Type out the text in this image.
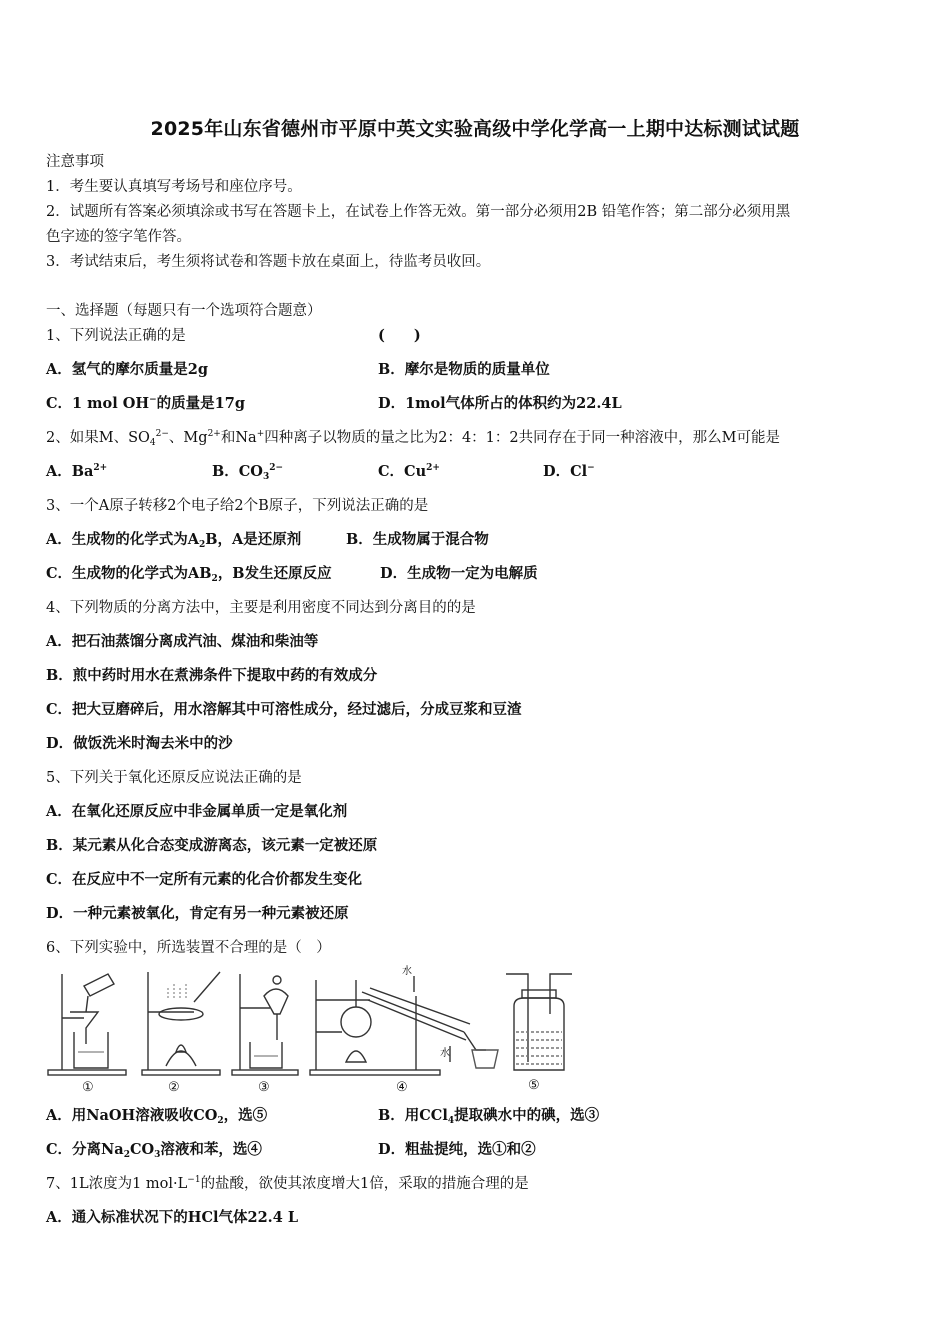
2025年山东省德州市平原中英文实验高级中学化学高一上期中达标测试试题
注意事项
1．考生要认真填写考场号和座位序号。
2．试题所有答案必须填涂或书写在答题卡上，在试卷上作答无效。第一部分必须用2B 铅笔作答；第二部分必须用黑
色字迹的签字笔作答。
3．考试结束后，考生须将试卷和答题卡放在桌面上，待监考员收回。
一、选择题（每题只有一个选项符合题意）
1、下列说法正确的是	(　　)
A．氢气的摩尔质量是2g	B．摩尔是物质的质量单位
C．1 mol OH−的质量是17g	D．1mol气体所占的体积约为22.4L
2、如果M、$SO_4^{2-}$、$Mg^{2+}$和Na+四种离子以物质的量之比为2：4：1：2共同存在于同一种溶液中，那么M可能是
A．$Ba^{2+}$	B．$CO_3^{2-}$	C．$Cu^{2+}$	D．Cl−
3、一个A原子转移2个电子给2个B原子，下列说法正确的是
A．生成物的化学式为$A_2B$，A是还原剂	B．生成物属于混合物
C．生成物的化学式为$AB_2$，B发生还原反应	D．生成物一定为电解质
4、下列物质的分离方法中，主要是利用密度不同达到分离目的的是
A．把石油蒸馏分离成汽油、煤油和柴油等
B．煎中药时用水在煮沸条件下提取中药的有效成分
C．把大豆磨碎后，用水溶解其中可溶性成分，经过滤后，分成豆浆和豆渣
D．做饭洗米时淘去米中的沙
5、下列关于氧化还原反应说法正确的是
A．在氧化还原反应中非金属单质一定是氧化剂
B．某元素从化合态变成游离态，该元素一定被还原
C．在反应中不一定所有元素的化合价都发生变化
D．一种元素被氧化，肯定有另一种元素被还原
6、下列实验中，所选装置不合理的是（　）
①	②	③	④	⑤
水
水
A．用NaOH溶液吸收$CO_2$，选⑤	B．用CCl$_4$提取碘水中的碘，选③
C．分离$Na_2CO_3$溶液和苯，选④	D．粗盐提纯，选①和②
7、1L浓度为1 $mol\cdot L^{-1}$的盐酸，欲使其浓度增大1倍，采取的措施合理的是
A．通入标准状况下的HCl气体22.4 L
